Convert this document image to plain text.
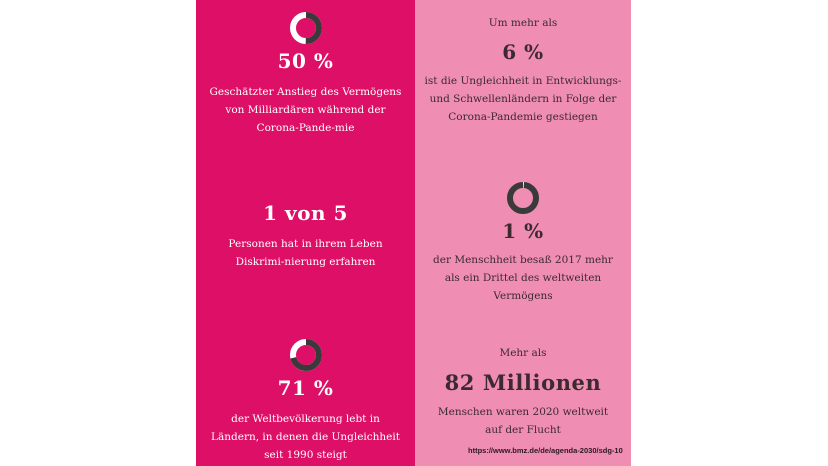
50 %
Geschätzter Anstieg des Vermögens von Milliardären während der Corona-Pande-mie
1 von 5
Personen hat in ihrem Leben Diskrimi-nierung erfahren
71 %
der Weltbevölkerung lebt in Ländern, in denen die Ungleichheit seit 1990 steigt
Um mehr als
6 %
ist die Ungleichheit in Entwicklungs- und Schwellenländern in Folge der Corona-Pandemie gestiegen
1 %
der Menschheit besaß 2017 mehr als ein Drittel des weltweiten Vermögens
Mehr als
82 Millionen
Menschen waren 2020 weltweit auf der Flucht
https://www.bmz.de/de/agenda-2030/sdg-10
